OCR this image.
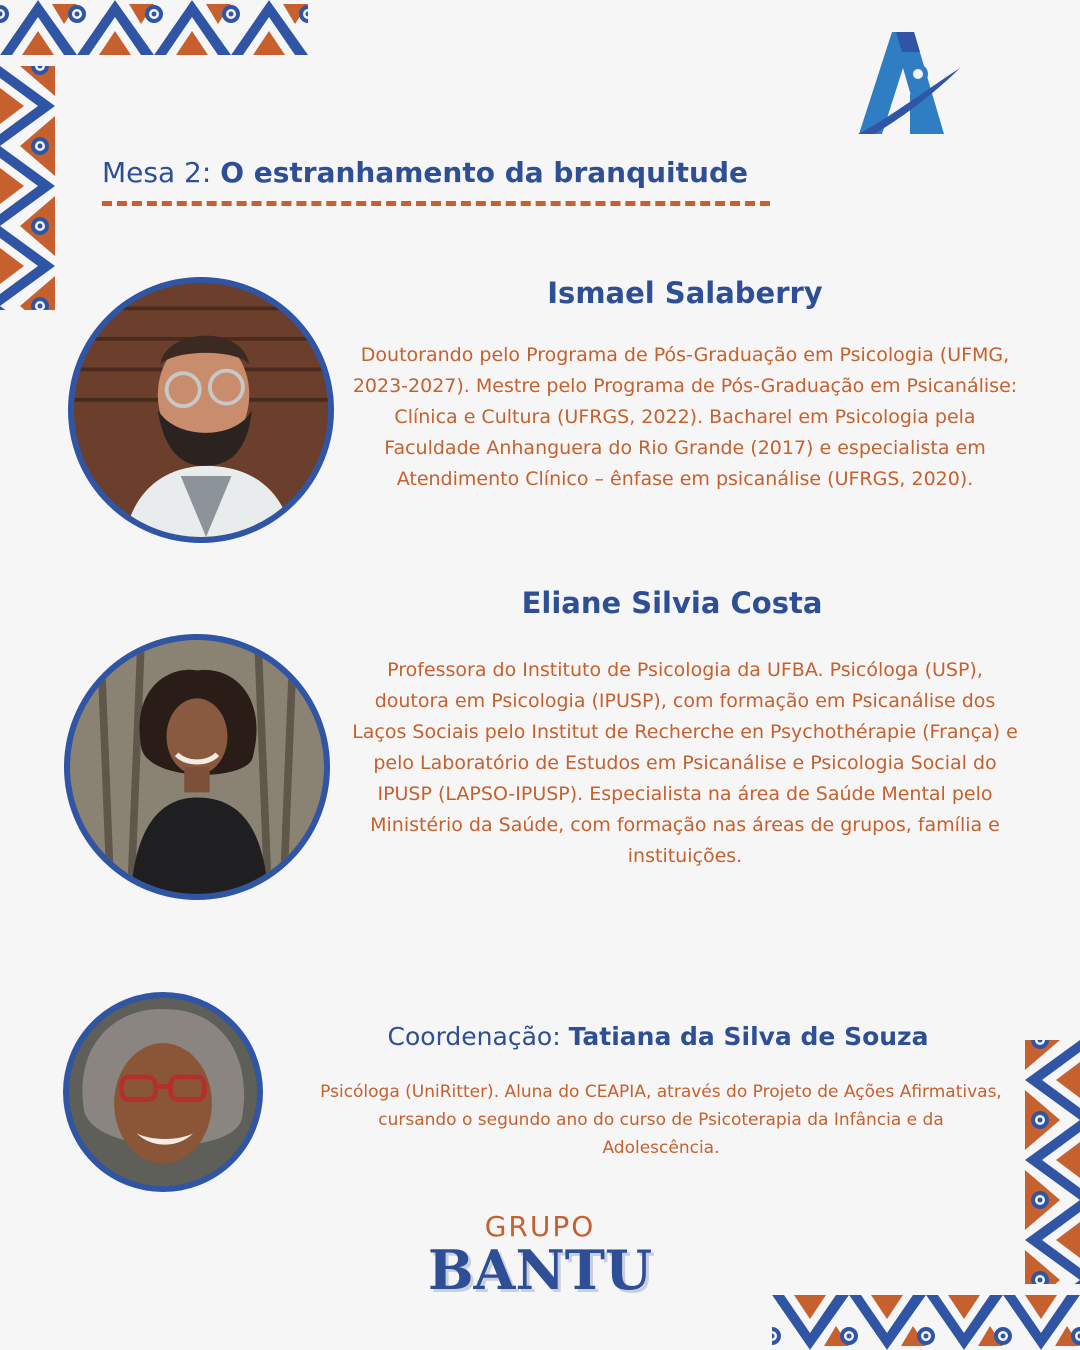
Mesa 2: O estranhamento da branquitude
Ismael Salaberry
Doutorando pelo Programa de Pós-Graduação em Psicologia (UFMG, 2023-2027). Mestre pelo Programa de Pós-Graduação em Psicanálise: Clínica e Cultura (UFRGS, 2022). Bacharel em Psicologia pela Faculdade Anhanguera do Rio Grande (2017) e especialista em Atendimento Clínico – ênfase em psicanálise (UFRGS, 2020).
Eliane Silvia Costa
Professora do Instituto de Psicologia da UFBA. Psicóloga (USP), doutora em Psicologia (IPUSP), com formação em Psicanálise dos Laços Sociais pelo Institut de Recherche en Psychothérapie (França) e pelo Laboratório de Estudos em Psicanálise e Psicologia Social do IPUSP (LAPSO-IPUSP). Especialista na área de Saúde Mental pelo Ministério da Saúde, com formação nas áreas de grupos, família e instituições.
Coordenação: Tatiana da Silva de Souza
Psicóloga (UniRitter). Aluna do CEAPIA, através do Projeto de Ações Afirmativas, cursando o segundo ano do curso de Psicoterapia da Infância e da Adolescência.
GRUPO
BANTU
